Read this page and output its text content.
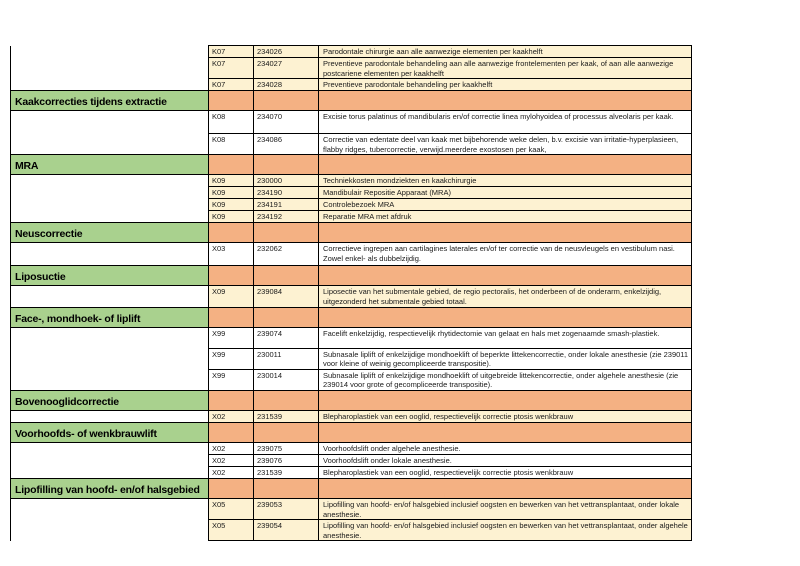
	K07	234026	Parodontale chirurgie aan alle aanwezige elementen per kaakhelft
	K07	234027	Preventieve parodontale behandeling aan alle aanwezige frontelementen per kaak, of aan alle aanwezige postcariene elementen per kaakhelft
	K07	234028	Preventieve parodontale behandeling per kaakhelft
Kaakcorrecties tijdens extractie			
	K08	234070	Excisie torus palatinus of mandibularis en/of correctie linea mylohyoidea of processus alveolaris per kaak.
	K08	234086	Correctie van edentate deel van kaak met bijbehorende weke delen, b.v. excisie van irritatie-hyperplasieen, flabby ridges, tubercorrectie, verwijd.meerdere exostosen per kaak,
MRA			
	K09	230000	Techniekkosten mondziekten en kaakchirurgie
	K09	234190	Mandibulair Repositie Apparaat (MRA)
	K09	234191	Controlebezoek MRA
	K09	234192	Reparatie MRA met afdruk
Neuscorrectie			
	X03	232062	Correctieve ingrepen aan cartilagines laterales en/of ter correctie van de neusvleugels en vestibulum nasi. Zowel enkel- als dubbelzijdig.
Liposuctie			
	X09	239084	Liposectie van het submentale gebied, de regio pectoralis, het onderbeen of de onderarm, enkelzijdig, uitgezonderd het submentale gebied totaal.
Face-, mondhoek- of liplift			
	X99	239074	Facelift enkelzijdig, respectievelijk rhytidectomie van gelaat en hals met zogenaamde smash-plastiek.
	X99	230011	Subnasale liplift of enkelzijdige mondhoeklift of beperkte littekencorrectie, onder lokale anesthesie (zie 239011 voor kleine of weinig gecompliceerde transpositie).
	X99	230014	Subnasale liplift of enkelzijdige mondhoeklift of uitgebreide littekencorrectie, onder algehele anesthesie (zie 239014 voor grote of gecompliceerde transpositie).
Bovenooglidcorrectie			
	X02	231539	Blepharoplastiek van een ooglid, respectievelijk correctie ptosis wenkbrauw
Voorhoofds- of wenkbrauwlift			
	X02	239075	Voorhoofdslift onder algehele anesthesie.
	X02	239076	Voorhoofdslift onder lokale anesthesie.
	X02	231539	Blepharoplastiek van een ooglid, respectievelijk correctie ptosis wenkbrauw
Lipofilling van hoofd- en/of halsgebied			
	X05	239053	Lipofilling van hoofd- en/of halsgebied inclusief oogsten en bewerken van het vettransplantaat, onder lokale anesthesie.
	X05	239054	Lipofilling van hoofd- en/of halsgebied inclusief oogsten en bewerken van het vettransplantaat, onder algehele anesthesie.
